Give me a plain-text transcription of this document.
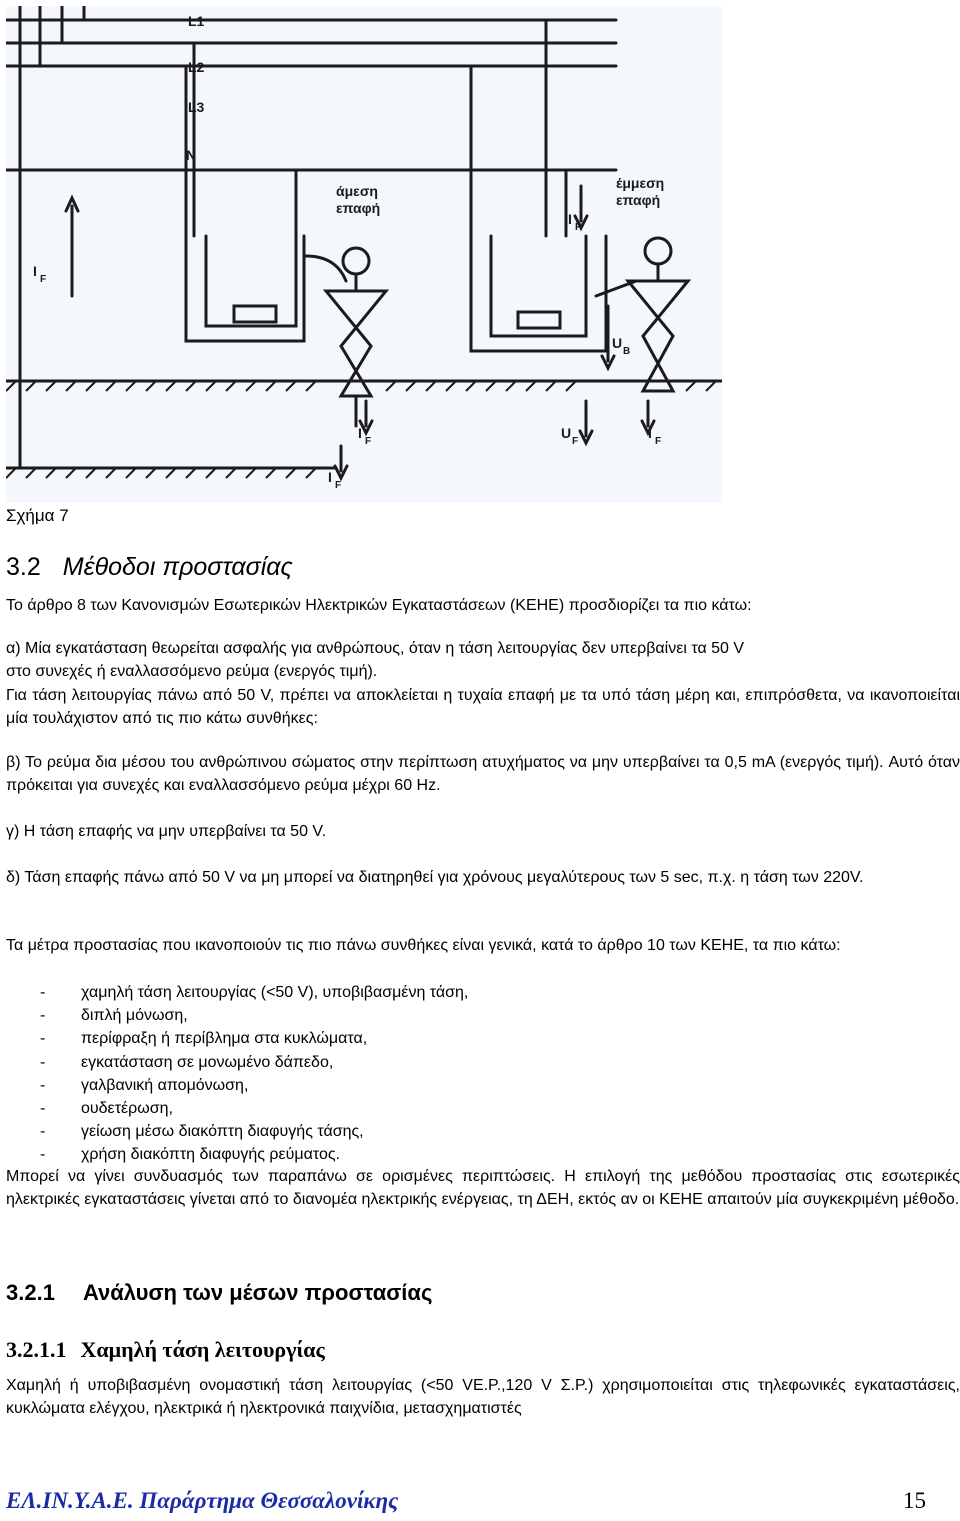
L1
L2
L3
N
άμεση
επαφή
έμμεση
επαφή
I
F
I
F
U
B
U
F
I
F
I
F
I
F
Σχήμα 7
3.2 Μέθοδοι προστασίας
Το άρθρο 8 των Κανονισμών Εσωτερικών Ηλεκτρικών Εγκαταστάσεων (ΚΕΗΕ) προσδιορίζει τα πιο κάτω:
α) Μία εγκατάσταση θεωρείται ασφαλής για ανθρώπους, όταν η τάση λειτουργίας δεν υπερβαίνει τα 50 V
στο συνεχές ή εναλλασσόμενο ρεύμα (ενεργός τιμή).
Για τάση λειτουργίας πάνω από 50 V, πρέπει να αποκλείεται η τυχαία επαφή με τα υπό τάση μέρη και, επιπρόσθετα, να ικανοποιείται μία τουλάχιστον από τις πιο κάτω συνθήκες:
β) Το ρεύμα δια μέσου του ανθρώπινου σώματος στην περίπτωση ατυχήματος να μην υπερβαίνει τα 0,5 mA (ενεργός τιμή). Αυτό όταν πρόκειται για συνεχές και εναλλασσόμενο ρεύμα μέχρι 60 Hz.
γ) Η τάση επαφής να μην υπερβαίνει τα 50 V.
δ) Τάση επαφής πάνω από 50 V να μη μπορεί να διατηρηθεί για χρόνους μεγαλύτερους των 5 sec, π.χ. η τάση των 220V.
Τα μέτρα προστασίας που ικανοποιούν τις πιο πάνω συνθήκες είναι γενικά, κατά το άρθρο 10 των ΚΕΗΕ, τα πιο κάτω:
-	χαμηλή τάση λειτουργίας (<50 V), υποβιβασμένη τάση,
-	διπλή μόνωση,
-	περίφραξη ή περίβλημα στα κυκλώματα,
-	εγκατάσταση σε μονωμένο δάπεδο,
-	γαλβανική απομόνωση,
-	ουδετέρωση,
-	γείωση μέσω διακόπτη διαφυγής τάσης,
-	χρήση διακόπτη διαφυγής ρεύματος.
Μπορεί να γίνει συνδυασμός των παραπάνω σε ορισμένες περιπτώσεις. Η επιλογή της μεθόδου προστασίας στις εσωτερικές ηλεκτρικές εγκαταστάσεις γίνεται από το διανομέα ηλεκτρικής ενέργειας, τη ΔΕΗ, εκτός αν οι ΚΕΗΕ απαιτούν μία συγκεκριμένη μέθοδο.
3.2.1 Ανάλυση των μέσων προστασίας
3.2.1.1 Χαμηλή τάση λειτουργίας
Χαμηλή ή υποβιβασμένη ονομαστική τάση λειτουργίας (<50 VE.P.,120 V Σ.Ρ.) χρησιμοποιείται στις τηλεφωνικές εγκαταστάσεις, κυκλώματα ελέγχου, ηλεκτρικά ή ηλεκτρονικά παιχνίδια, μετασχηματιστές
ΕΛ.ΙΝ.Υ.Α.Ε. Παράρτημα Θεσσαλονίκης	15
